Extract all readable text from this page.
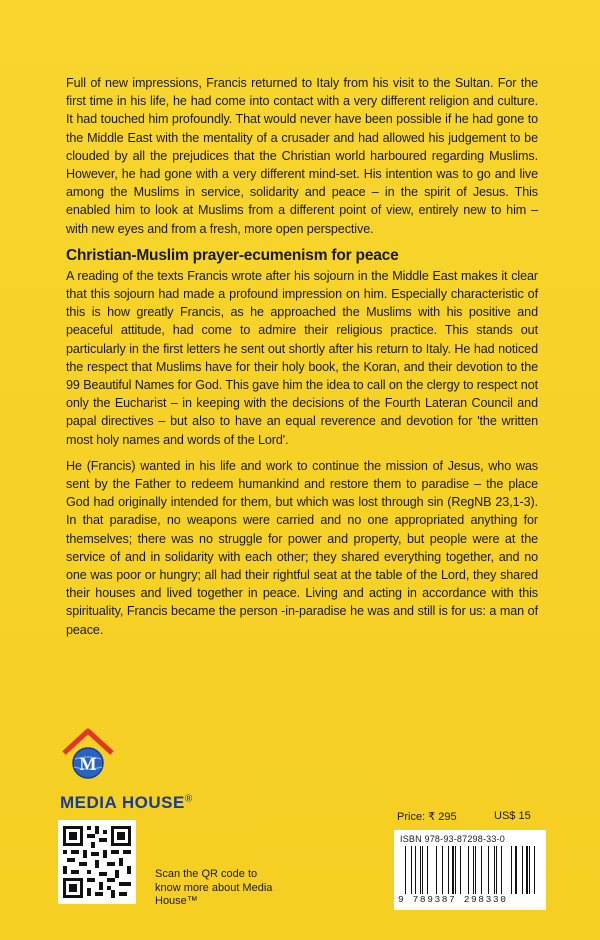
Full of new impressions, Francis returned to Italy from his visit to the Sultan. For the first time in his life, he had come into contact with a very different religion and culture. It had touched him profoundly. That would never have been possible if he had gone to the Middle East with the mentality of a crusader and had allowed his judgement to be clouded by all the prejudices that the Christian world harboured regarding Muslims. However, he had gone with a very different mind-set. His intention was to go and live among the Muslims in service, solidarity and peace – in the spirit of Jesus. This enabled him to look at Muslims from a different point of view, entirely new to him – with new eyes and from a fresh, more open perspective.

Christian-Muslim prayer-ecumenism for peace

A reading of the texts Francis wrote after his sojourn in the Middle East makes it clear that this sojourn had made a profound impression on him. Especially characteristic of this is how greatly Francis, as he approached the Muslims with his positive and peaceful attitude, had come to admire their religious practice. This stands out particularly in the first letters he sent out shortly after his return to Italy. He had noticed the respect that Muslims have for their holy book, the Koran, and their devotion to the 99 Beautiful Names for God. This gave him the idea to call on the clergy to respect not only the Eucharist – in keeping with the decisions of the Fourth Lateran Council and papal directives – but also to have an equal reverence and devotion for 'the written most holy names and words of the Lord'.

He (Francis) wanted in his life and work to continue the mission of Jesus, who was sent by the Father to redeem humankind and restore them to paradise – the place God had originally intended for them, but which was lost through sin (RegNB 23,1-3). In that paradise, no weapons were carried and no one appropriated anything for themselves; there was no struggle for power and property, but people were at the service of and in solidarity with each other; they shared everything together, and no one was poor or hungry; all had their rightful seat at the table of the Lord, they shared their houses and lived together in peace. Living and acting in accordance with this spirituality, Francis became the person -in-paradise he was and still is for us: a man of peace.

M
MEDIA HOUSE®
Scan the QR code to know more about Media House™
Price: ₹ 295	US$ 15
ISBN 978-93-87298-33-0
9 789387 298330
